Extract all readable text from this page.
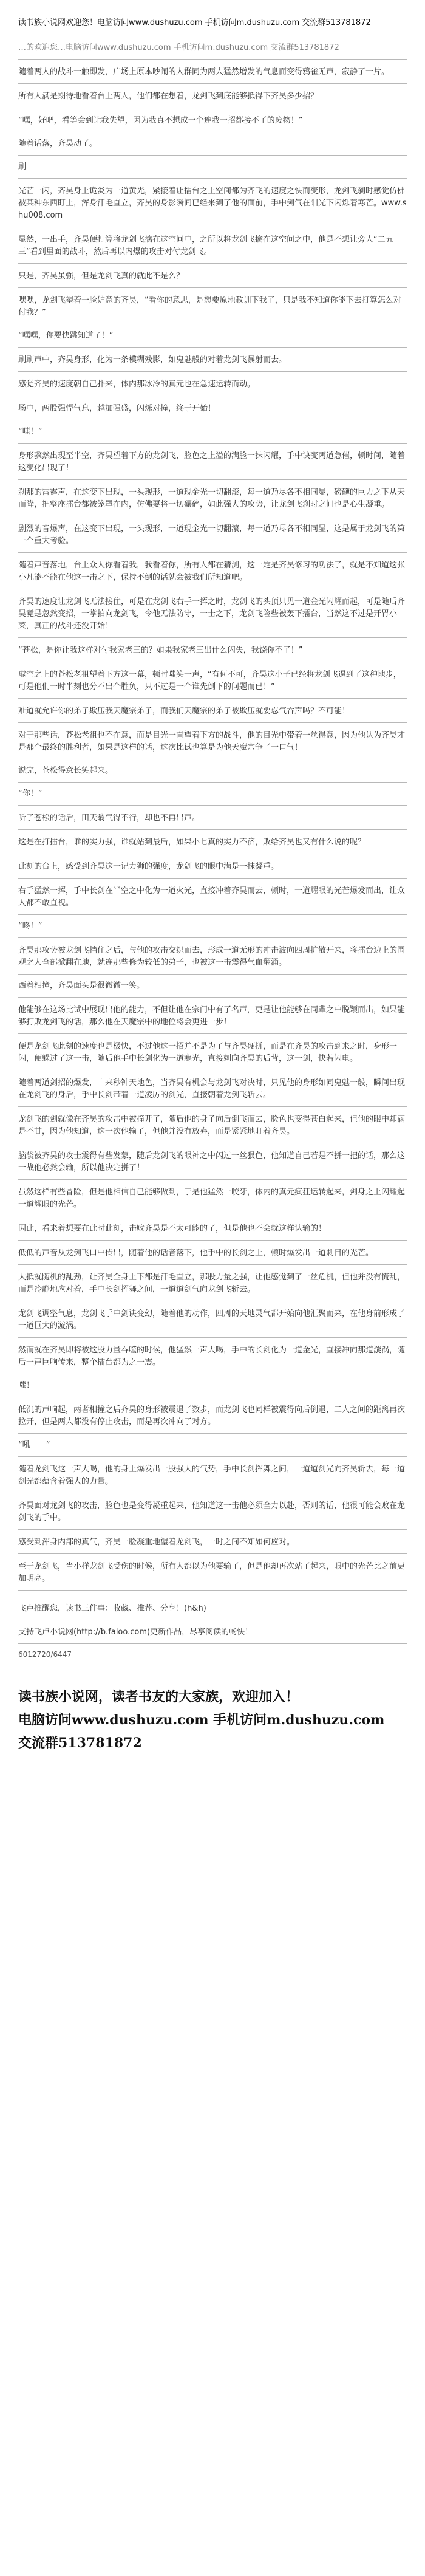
读书族小说网欢迎您！电脑访问www.dushuzu.com 手机访问m.dushuzu.com 交流群513781872

…的欢迎您…电脑访问www.dushuzu.com 手机访问m.dushuzu.com 交流群513781872

随着两人的战斗一触即发，广场上原本吵闹的人群同为两人猛然增发的气息而变得鸦雀无声，寂静了一片。

所有人满是期待地看着台上两人，他们都在想着，龙剑飞到底能够抵得下齐昊多少招？

“嘿，好吧，看等会到让我失望，因为我真不想成一个连我一招都接不了的废物！”

随着话落，齐昊动了。

刷

光芒一闪，齐昊身上诡炎为一道黄光，紧接着让擂台之上空间都为齐飞的速度之快而变形，龙剑飞刹时感觉仿佛被某种东西盯上，浑身汗毛直立，齐昊的身影瞬间已经来到了他的面前，手中剑气在阳光下闪烁着寒芒。www.shu008.com

显然，一出手，齐昊便打算将龙剑飞擒在这空间中，之所以将龙剑飞擒在这空间之中，他是不想让旁人“二五三”看到里面的战斗，然后再以内爆的攻击对付龙剑飞。

只是，齐昊虽强，但是龙剑飞真的就此不是么？

嘿嘿，龙剑飞望着一脸妒意的齐昊，“看你的意思，是想要原地教训下我了，只是我不知道你能下去打算怎么对付我？”

“嘿嘿，你要快跳知道了！”

刷刷声中，齐昊身形，化为一条模糊残影，如鬼魅般的对着龙剑飞暴射而去。

感觉齐昊的速度朝自己扑来，体内那冰冷的真元也在急速运转而动。

场中，两股强悍气息，越加强盛，闪烁对撞，终于开始！

“嗤！”

身形骤然出现至半空，齐昊望着下方的龙剑飞，脸色之上溢的满脸一抹闪耀，手中诀变两道急催，顿时间，随着这变化出现了！

刹那的雷霆声，在这变下出现，一头现形，一道现金光一切翻滚，每一道乃尽各不相同显，磅礴的巨力之下从天而降，把整座擂台都被笼罩在内，仿佛要将一切碾碎，如此强大的攻势，让龙剑飞刹时之间也是心生凝重。

剧烈的音爆声，在这变下出现，一头现形，一道现金光一切翻滚，每一道乃尽各不相同显，这是属于龙剑飞的第一个重大考验。

随着声音落地，台上众人你看着我，我看着你，所有人都在猜测，这一定是齐昊修习的功法了，就是不知道这张小凡能不能在他这一击之下，保持不倒的话就会被我们所知道吧。

齐昊的速度让龙剑飞无法接住，可是在龙剑飞右手一挥之时，龙剑飞的头顶只见一道金光闪耀而起，可是随后齐昊竟是忽然变招，一掌拍向龙剑飞，令他无法防守，一击之下，龙剑飞险些被轰下擂台，当然这不过是开胃小菜，真正的战斗还没开始！

“苍松，是你让我这样对付我家老三的？如果我家老三出什么闪失，我饶你不了！”

虚空之上的苍松老祖望着下方这一幕，顿时嗤笑一声，“有何不可，齐昊这小子已经将龙剑飞逼到了这种地步，可是他们一时半刻也分不出个胜负，只不过是一个谁先倒下的问题而已！”

难道就允许你的弟子欺压我天魔宗弟子，而我们天魔宗的弟子被欺压就要忍气吞声吗？不可能！

对于那些话，苍松老祖也不在意，而是目光一直望着下方的战斗，他的目光中带着一丝得意，因为他认为齐昊才是那个最终的胜利者，如果是这样的话，这次比试也算是为他天魔宗争了一口气！

说完，苍松得意长笑起来。

“你！”

听了苍松的话后，田天翁气得不行，却也不再出声。

这是在打擂台，谁的实力强，谁就站到最后，如果小七真的实力不济，败给齐昊也又有什么说的呢？

此刻的台上，感受到齐昊这一记力狮的强度，龙剑飞的眼中满是一抹凝重。

右手猛然一挥，手中长剑在半空之中化为一道火光，直接冲着齐昊而去，顿时，一道耀眼的光芒爆发而出，让众人都不敢直视。

“咚！”

齐昊那攻势被龙剑飞挡住之后，与他的攻击交织而去，形成一道无形的冲击波向四周扩散开来，将擂台边上的围观之人全部掀翻在地，就连那些修为较低的弟子，也被这一击震得气血翻涌。

西着相撞，齐昊面头是很微微一笑。

他能够在这场比试中展现出他的能力，不但让他在宗门中有了名声，更是让他能够在同辈之中脱颖而出，如果能够打败龙剑飞的话，那么他在天魔宗中的地位将会更进一步！

便是龙剑飞此刻的速度也是极快，不过他这一招并不是为了与齐昊硬拼，而是在齐昊的攻击到来之时，身形一闪，便躲过了这一击，随后他手中长剑化为一道寒光，直接刺向齐昊的后背，这一剑，快若闪电。

随着两道剑招的爆发，十来秒钟天地色，当齐昊有机会与龙剑飞对决时，只见他的身形如同鬼魅一般，瞬间出现在龙剑飞的身后，手中长剑带着一道凌厉的剑光，直接朝着龙剑飞斩去。

龙剑飞的剑就像在齐昊的攻击中被撞开了，随后他的身子向后倒飞而去，脸色也变得苍白起来，但他的眼中却满是不甘，因为他知道，这一次他输了，但他并没有放弃，而是紧紧地盯着齐昊。

脑袋被齐昊的攻击震得有些发蒙，随后龙剑飞的眼神之中闪过一丝狠色，他知道自己若是不拼一把的话，那么这一战他必然会输，所以他决定拼了！

虽然这样有些冒险，但是他相信自己能够做到，于是他猛然一咬牙，体内的真元疯狂运转起来，剑身之上闪耀起一道耀眼的光芒。

因此，看来着想要在此时此刻，击败齐昊是不太可能的了，但是他也不会就这样认输的！

低低的声音从龙剑飞口中传出，随着他的话音落下，他手中的长剑之上，顿时爆发出一道刺目的光芒。

大抵就随机的乱劲，让齐昊全身上下都是汗毛直立，那股力量之强，让他感觉到了一丝危机，但他并没有慌乱，而是冷静地应对着，手中长剑挥舞之间，一道道剑气向龙剑飞斩去。

龙剑飞调整气息，龙剑飞手中剑诀变幻，随着他的动作，四周的天地灵气都开始向他汇聚而来，在他身前形成了一道巨大的漩涡。

然而就在齐昊即将被这股力量吞噬的时候，他猛然一声大喝，手中的长剑化为一道金光，直接冲向那道漩涡，随后一声巨响传来，整个擂台都为之一震。

嗤！

低沉的声响起，两者相撞之后齐昊的身形被震退了数步，而龙剑飞也同样被震得向后倒退，二人之间的距离再次拉开，但是两人都没有停止攻击，而是再次冲向了对方。

“吼——”

随着龙剑飞这一声大喝，他的身上爆发出一股强大的气势，手中长剑挥舞之间，一道道剑光向齐昊斩去，每一道剑光都蕴含着强大的力量。

齐昊面对龙剑飞的攻击，脸色也是变得凝重起来，他知道这一击他必须全力以赴，否则的话，他很可能会败在龙剑飞的手中。

感受到浑身内部的真气，齐昊一脸凝重地望着龙剑飞，一时之间不知如何应对。

至于龙剑飞，当小样龙剑飞受伤的时候，所有人都以为他要输了，但是他却再次站了起来，眼中的光芒比之前更加明亮。

飞卢推醒您，读书三件事：收藏、推荐、分享！(h&h)
支持飞卢小说网(http://b.faloo.com)更新作品，尽享阅读的畅快！
6012720/6447
读书族小说网，读者书友的大家族，欢迎加入！
电脑访问www.dushuzu.com 手机访问m.dushuzu.com
交流群513781872
